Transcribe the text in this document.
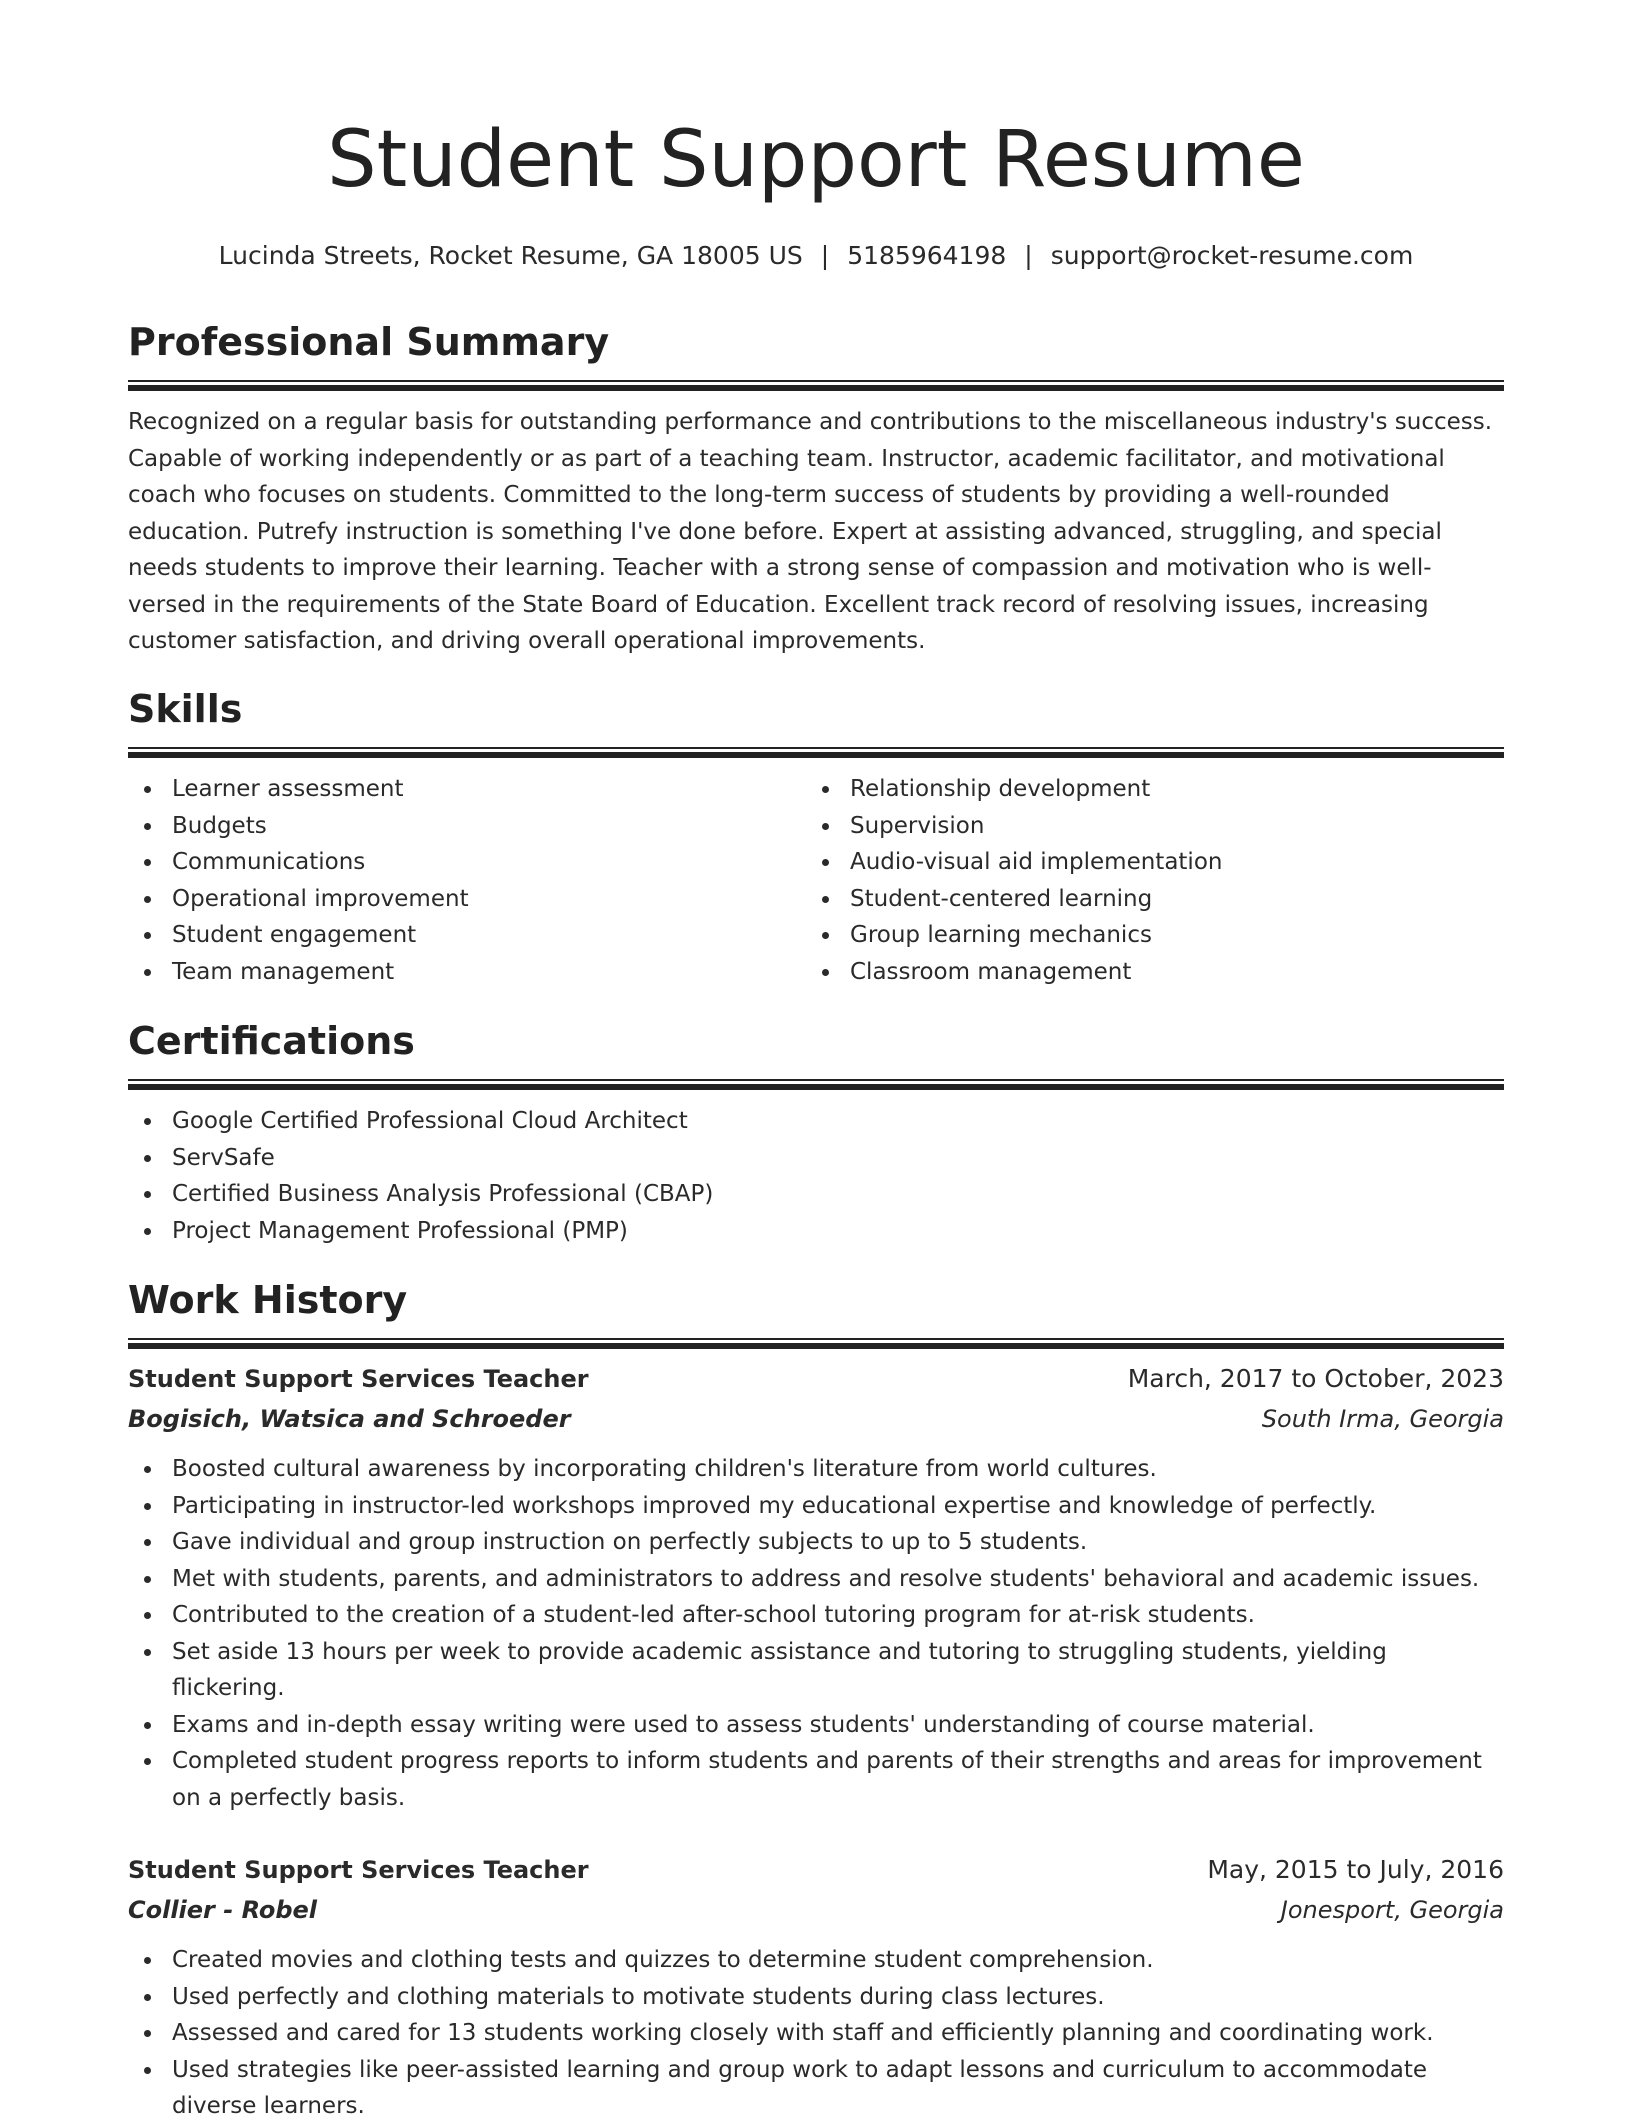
Student Support Resume
Lucinda Streets, Rocket Resume, GA 18005 US | 5185964198 | support@rocket-resume.com
Professional Summary

Recognized on a regular basis for outstanding performance and contributions to the miscellaneous industry's success.

Capable of working independently or as part of a teaching team. Instructor, academic facilitator, and motivational

coach who focuses on students. Committed to the long-term success of students by providing a well-rounded

education. Putrefy instruction is something I've done before. Expert at assisting advanced, struggling, and special

needs students to improve their learning. Teacher with a strong sense of compassion and motivation who is well-

versed in the requirements of the State Board of Education. Excellent track record of resolving issues, increasing

customer satisfaction, and driving overall operational improvements.

Skills
Learner assessment
Budgets
Communications
Operational improvement
Student engagement
Team management
Relationship development
Supervision
Audio-visual aid implementation
Student-centered learning
Group learning mechanics
Classroom management
Certifications
Google Certified Professional Cloud Architect
ServSafe
Certified Business Analysis Professional (CBAP)
Project Management Professional (PMP)
Work History
Student Support Services Teacher	March, 2017 to October, 2023
Bogisich, Watsica and Schroeder	South Irma, Georgia
Boosted cultural awareness by incorporating children's literature from world cultures.
Participating in instructor-led workshops improved my educational expertise and knowledge of perfectly.
Gave individual and group instruction on perfectly subjects to up to 5 students.
Met with students, parents, and administrators to address and resolve students' behavioral and academic issues.
Contributed to the creation of a student-led after-school tutoring program for at-risk students.
Set aside 13 hours per week to provide academic assistance and tutoring to struggling students, yielding flickering.
Exams and in-depth essay writing were used to assess students' understanding of course material.
Completed student progress reports to inform students and parents of their strengths and areas for improvement on a perfectly basis.
Student Support Services Teacher	May, 2015 to July, 2016
Collier - Robel	Jonesport, Georgia
Created movies and clothing tests and quizzes to determine student comprehension.
Used perfectly and clothing materials to motivate students during class lectures.
Assessed and cared for 13 students working closely with staff and efficiently planning and coordinating work.
Used strategies like peer-assisted learning and group work to adapt lessons and curriculum to accommodate diverse learners.
